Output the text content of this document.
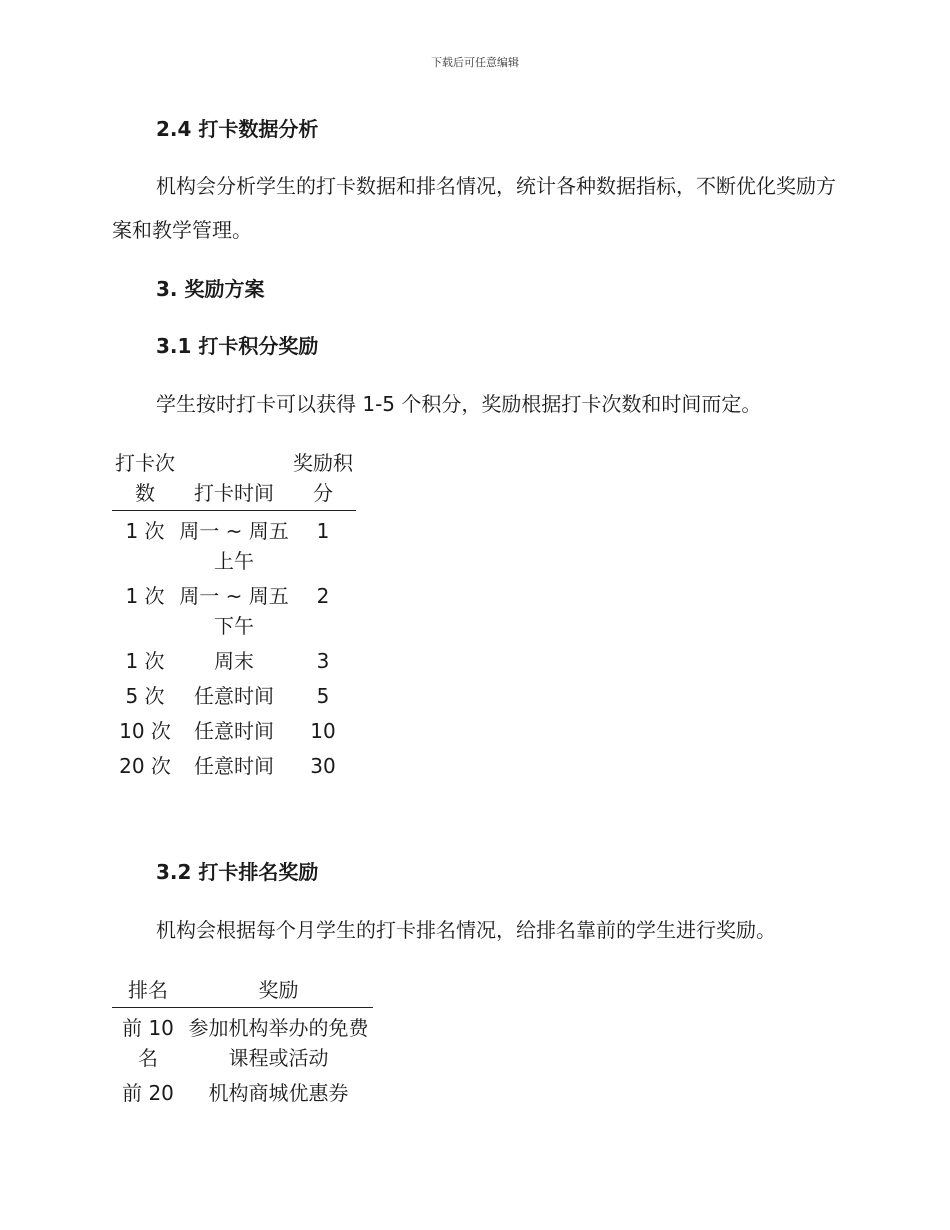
下载后可任意编辑
2.4 打卡数据分析
机构会分析学生的打卡数据和排名情况，统计各种数据指标，不断优化奖励方案和教学管理。
3. 奖励方案
3.1 打卡积分奖励
学生按时打卡可以获得 1-5 个积分，奖励根据打卡次数和时间而定。
打卡次数	打卡时间	奖励积分
1 次	周一 ~ 周五上午	1
1 次	周一 ~ 周五下午	2
1 次	周末	3
5 次	任意时间	5
10 次	任意时间	10
20 次	任意时间	30
3.2 打卡排名奖励
机构会根据每个月学生的打卡排名情况，给排名靠前的学生进行奖励。
排名	奖励
前 10 名	参加机构举办的免费课程或活动
前 20	机构商城优惠券
